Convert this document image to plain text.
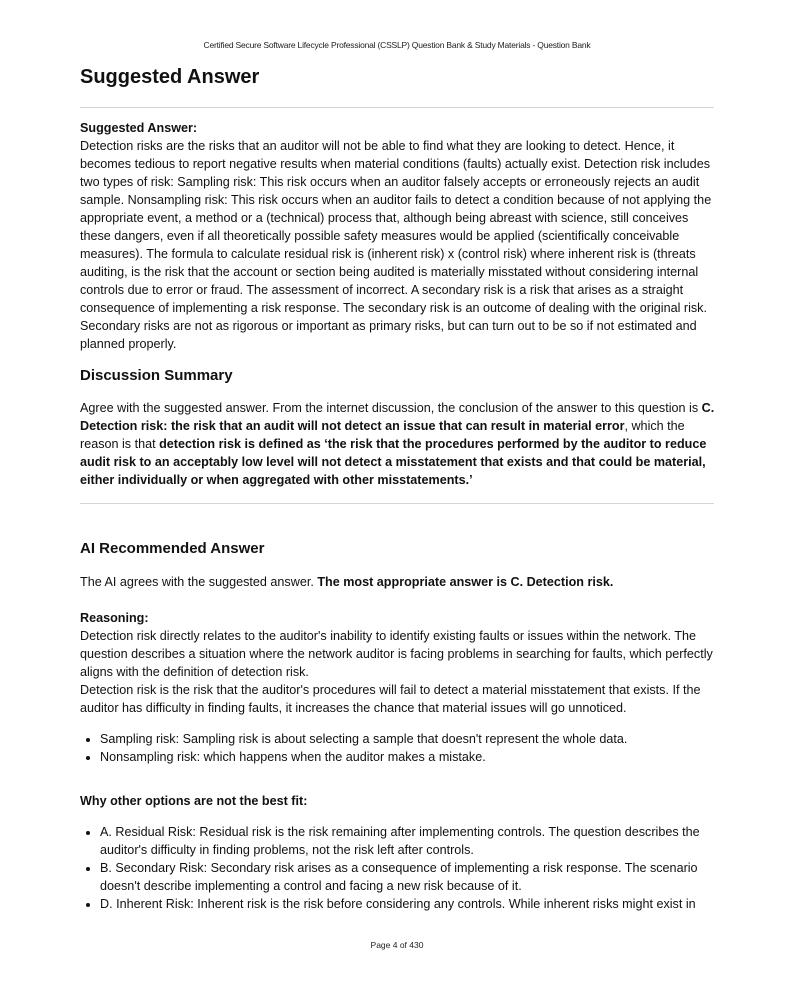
Certified Secure Software Lifecycle Professional (CSSLP) Question Bank & Study Materials - Question Bank
Suggested Answer

Suggested Answer:

Detection risks are the risks that an auditor will not be able to find what they are looking to detect. Hence, it becomes tedious to report negative results when material conditions (faults) actually exist. Detection risk includes two types of risk: Sampling risk: This risk occurs when an auditor falsely accepts or erroneously rejects an audit sample. Nonsampling risk: This risk occurs when an auditor fails to detect a condition because of not applying the appropriate event, a method or a (technical) process that, although being abreast with science, still conceives these dangers, even if all theoretically possible safety measures would be applied (scientifically conceivable measures). The formula to calculate residual risk is (inherent risk) x (control risk) where inherent risk is (threats auditing, is the risk that the account or section being audited is materially misstated without considering internal controls due to error or fraud. The assessment of incorrect. A secondary risk is a risk that arises as a straight consequence of implementing a risk response. The secondary risk is an outcome of dealing with the original risk. Secondary risks are not as rigorous or important as primary risks, but can turn out to be so if not estimated and planned properly.

Discussion Summary

Agree with the suggested answer. From the internet discussion, the conclusion of the answer to this question is C. Detection risk: the risk that an audit will not detect an issue that can result in material error, which the reason is that detection risk is defined as ‘the risk that the procedures performed by the auditor to reduce audit risk to an acceptably low level will not detect a misstatement that exists and that could be material, either individually or when aggregated with other misstatements.’

AI Recommended Answer

The AI agrees with the suggested answer. The most appropriate answer is C. Detection risk.

Reasoning:

Detection risk directly relates to the auditor's inability to identify existing faults or issues within the network. The question describes a situation where the network auditor is facing problems in searching for faults, which perfectly aligns with the definition of detection risk.

Detection risk is the risk that the auditor's procedures will fail to detect a material misstatement that exists. If the auditor has difficulty in finding faults, it increases the chance that material issues will go unnoticed.

• Sampling risk: Sampling risk is about selecting a sample that doesn't represent the whole data.
• Nonsampling risk: which happens when the auditor makes a mistake.

Why other options are not the best fit:

• A. Residual Risk: Residual risk is the risk remaining after implementing controls. The question describes the auditor's difficulty in finding problems, not the risk left after controls.
• B. Secondary Risk: Secondary risk arises as a consequence of implementing a risk response. The scenario doesn't describe implementing a control and facing a new risk because of it.
• D. Inherent Risk: Inherent risk is the risk before considering any controls. While inherent risks might exist in
Page 4 of 430
